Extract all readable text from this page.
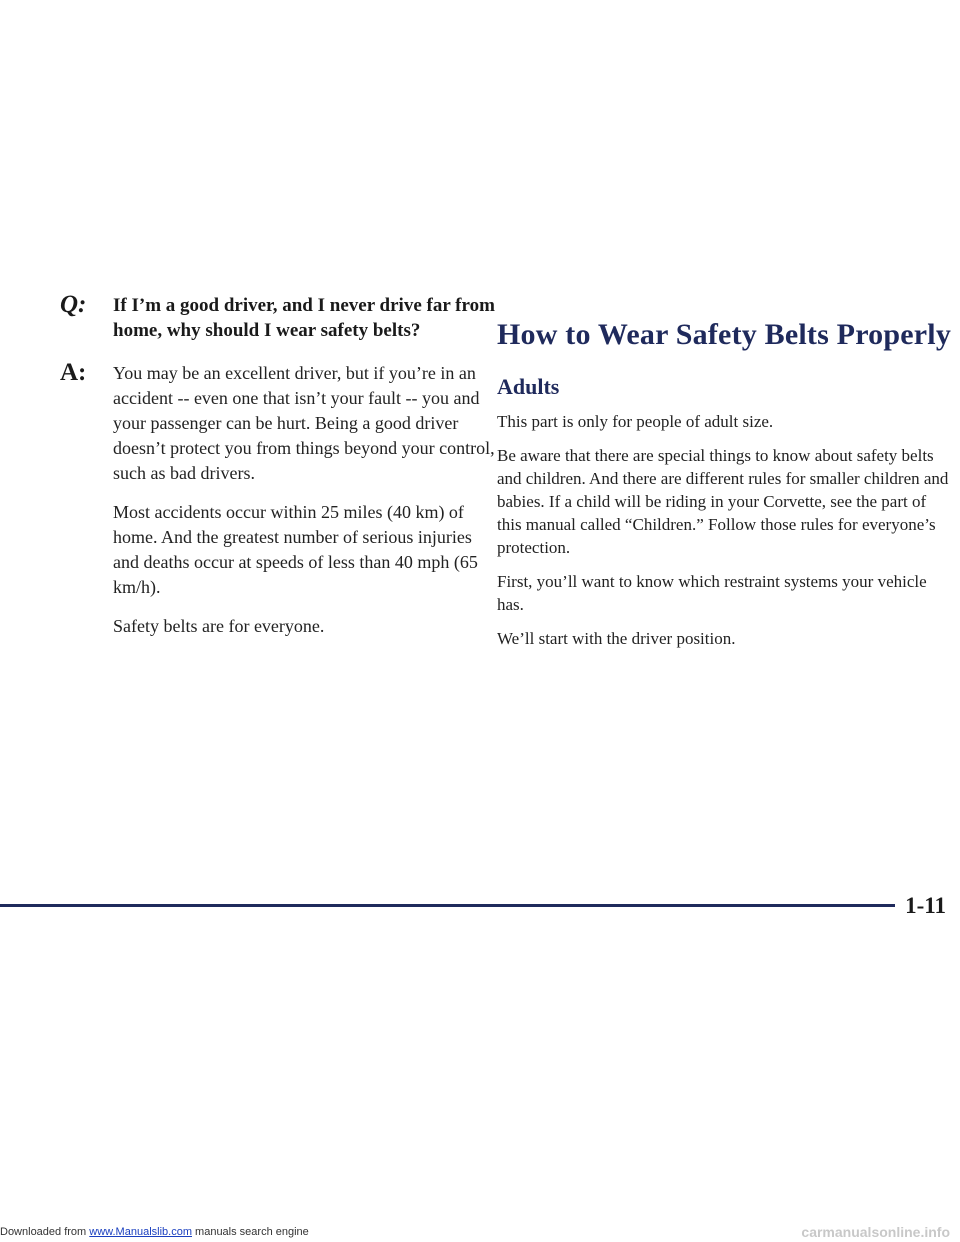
Q: If I’m a good driver, and I never drive far from home, why should I wear safety belts?

A: You may be an excellent driver, but if you’re in an accident -- even one that isn’t your fault -- you and your passenger can be hurt. Being a good driver doesn’t protect you from things beyond your control, such as bad drivers.

Most accidents occur within 25 miles (40 km) of home. And the greatest number of serious injuries and deaths occur at speeds of less than 40 mph (65 km/h).

Safety belts are for everyone.

How to Wear Safety Belts Properly
Adults

This part is only for people of adult size.

Be aware that there are special things to know about safety belts and children. And there are different rules for smaller children and babies. If a child will be riding in your Corvette, see the part of this manual called “Children.” Follow those rules for everyone’s protection.

First, you’ll want to know which restraint systems your vehicle has.

We’ll start with the driver position.

1-11
Downloaded from www.Manualslib.com manuals search engine	carmanualsonline.info
